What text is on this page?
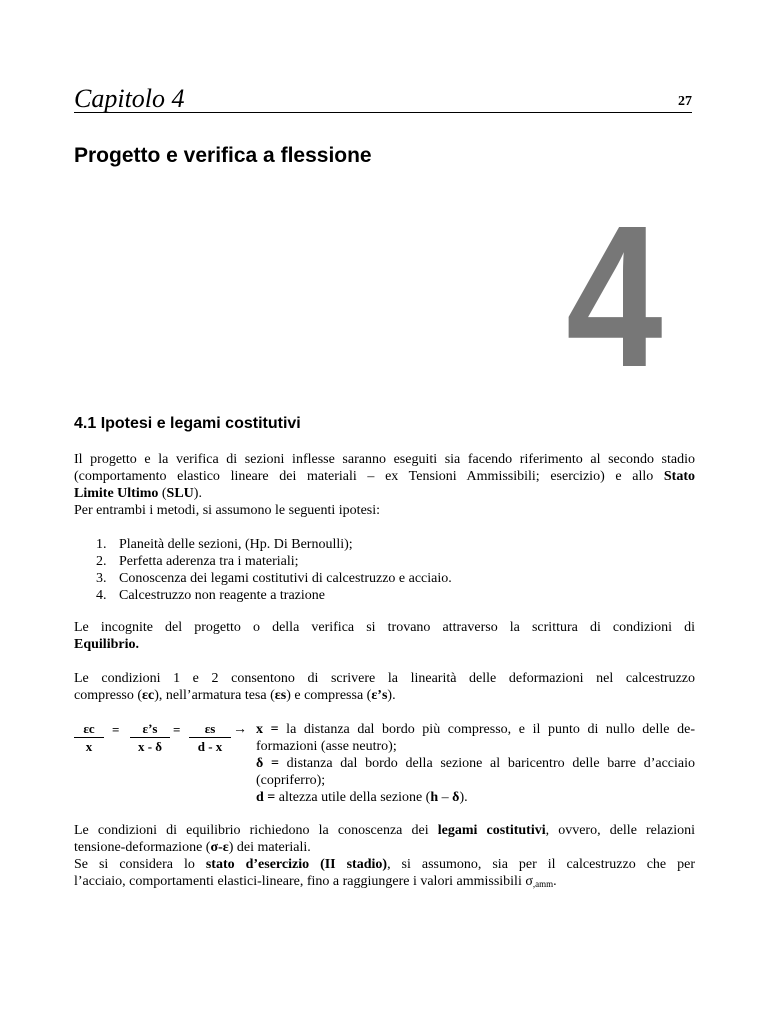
Capitolo 4	27
Progetto e verifica a flessione
4
4.1 Ipotesi e legami costitutivi
Il progetto e la verifica di sezioni inflesse saranno eseguiti sia facendo riferimento al secondo stadio
(comportamento elastico lineare dei materiali – ex Tensioni Ammissibili; esercizio) e allo Stato
Limite Ultimo (SLU).
Per entrambi i metodi, si assumono le seguenti ipotesi:
1. Planeità delle sezioni, (Hp. Di Bernoulli);
2. Perfetta aderenza tra i materiali;
3. Conoscenza dei legami costitutivi di calcestruzzo e acciaio.
4. Calcestruzzo non reagente a trazione
Le incognite del progetto o della verifica si trovano attraverso la scrittura di condizioni di
Equilibrio.
Le condizioni 1 e 2 consentono di scrivere la linearità delle deformazioni nel calcestruzzo
compresso (εc), nell’armatura tesa (εs) e compressa (ε’s).
$\frac{\varepsilon c}{x} = \frac{\varepsilon’s}{x - \delta} = \frac{\varepsilon s}{d - x} \to x$ = la distanza dal bordo più compresso, e il punto di nullo delle de-
formazioni (asse neutro);
δ = distanza dal bordo della sezione al baricentro delle barre d’acciaio
(copriferro);
d = altezza utile della sezione (h – δ).
Le condizioni di equilibrio richiedono la conoscenza dei legami costitutivi, ovvero, delle relazioni
tensione-deformazione (σ-ε) dei materiali.
Se si considera lo stato d’esercizio (II stadio), si assumono, sia per il calcestruzzo che per
l’acciaio, comportamenti elastici-lineare, fino a raggiungere i valori ammissibili $\sigma_{,amm}$.
